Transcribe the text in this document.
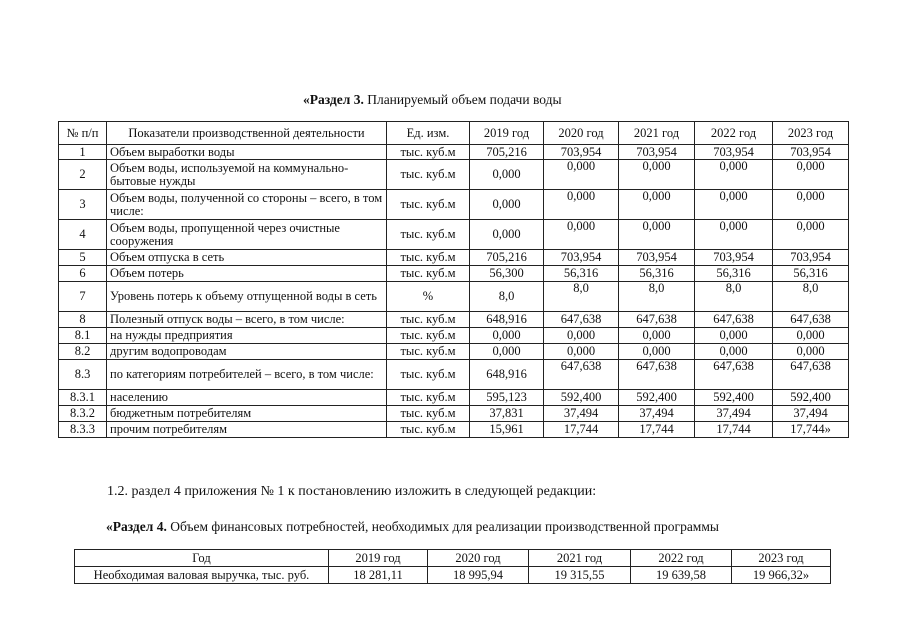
«Раздел 3. Планируемый объем подачи воды
№ п/п	Показатели производственной деятельности	Ед. изм.	2019 год	2020 год	2021 год	2022 год	2023 год
1	Объем выработки воды	тыс. куб.м	705,216	703,954	703,954	703,954	703,954
2	Объем воды, используемой на коммунально-бытовые нужды	тыс. куб.м	0,000	0,000	0,000	0,000	0,000
3	Объем воды, полученной со стороны – всего, в том числе:	тыс. куб.м	0,000	0,000	0,000	0,000	0,000
4	Объем воды, пропущенной через очистные сооружения	тыс. куб.м	0,000	0,000	0,000	0,000	0,000
5	Объем отпуска в сеть	тыс. куб.м	705,216	703,954	703,954	703,954	703,954
6	Объем потерь	тыс. куб.м	56,300	56,316	56,316	56,316	56,316
7	Уровень потерь к объему отпущенной воды в сеть	%	8,0	8,0	8,0	8,0	8,0
8	Полезный отпуск воды – всего, в том числе:	тыс. куб.м	648,916	647,638	647,638	647,638	647,638
8.1	на нужды предприятия	тыс. куб.м	0,000	0,000	0,000	0,000	0,000
8.2	другим водопроводам	тыс. куб.м	0,000	0,000	0,000	0,000	0,000
8.3	по категориям потребителей – всего, в том числе:	тыс. куб.м	648,916	647,638	647,638	647,638	647,638
8.3.1	населению	тыс. куб.м	595,123	592,400	592,400	592,400	592,400
8.3.2	бюджетным потребителям	тыс. куб.м	37,831	37,494	37,494	37,494	37,494
8.3.3	прочим потребителям	тыс. куб.м	15,961	17,744	17,744	17,744	17,744»
1.2. раздел 4 приложения № 1 к постановлению изложить в следующей редакции:
«Раздел 4. Объем финансовых потребностей, необходимых для реализации производственной программы
Год	2019 год	2020 год	2021 год	2022 год	2023 год
Необходимая валовая выручка, тыс. руб.	18 281,11	18 995,94	19 315,55	19 639,58	19 966,32»
